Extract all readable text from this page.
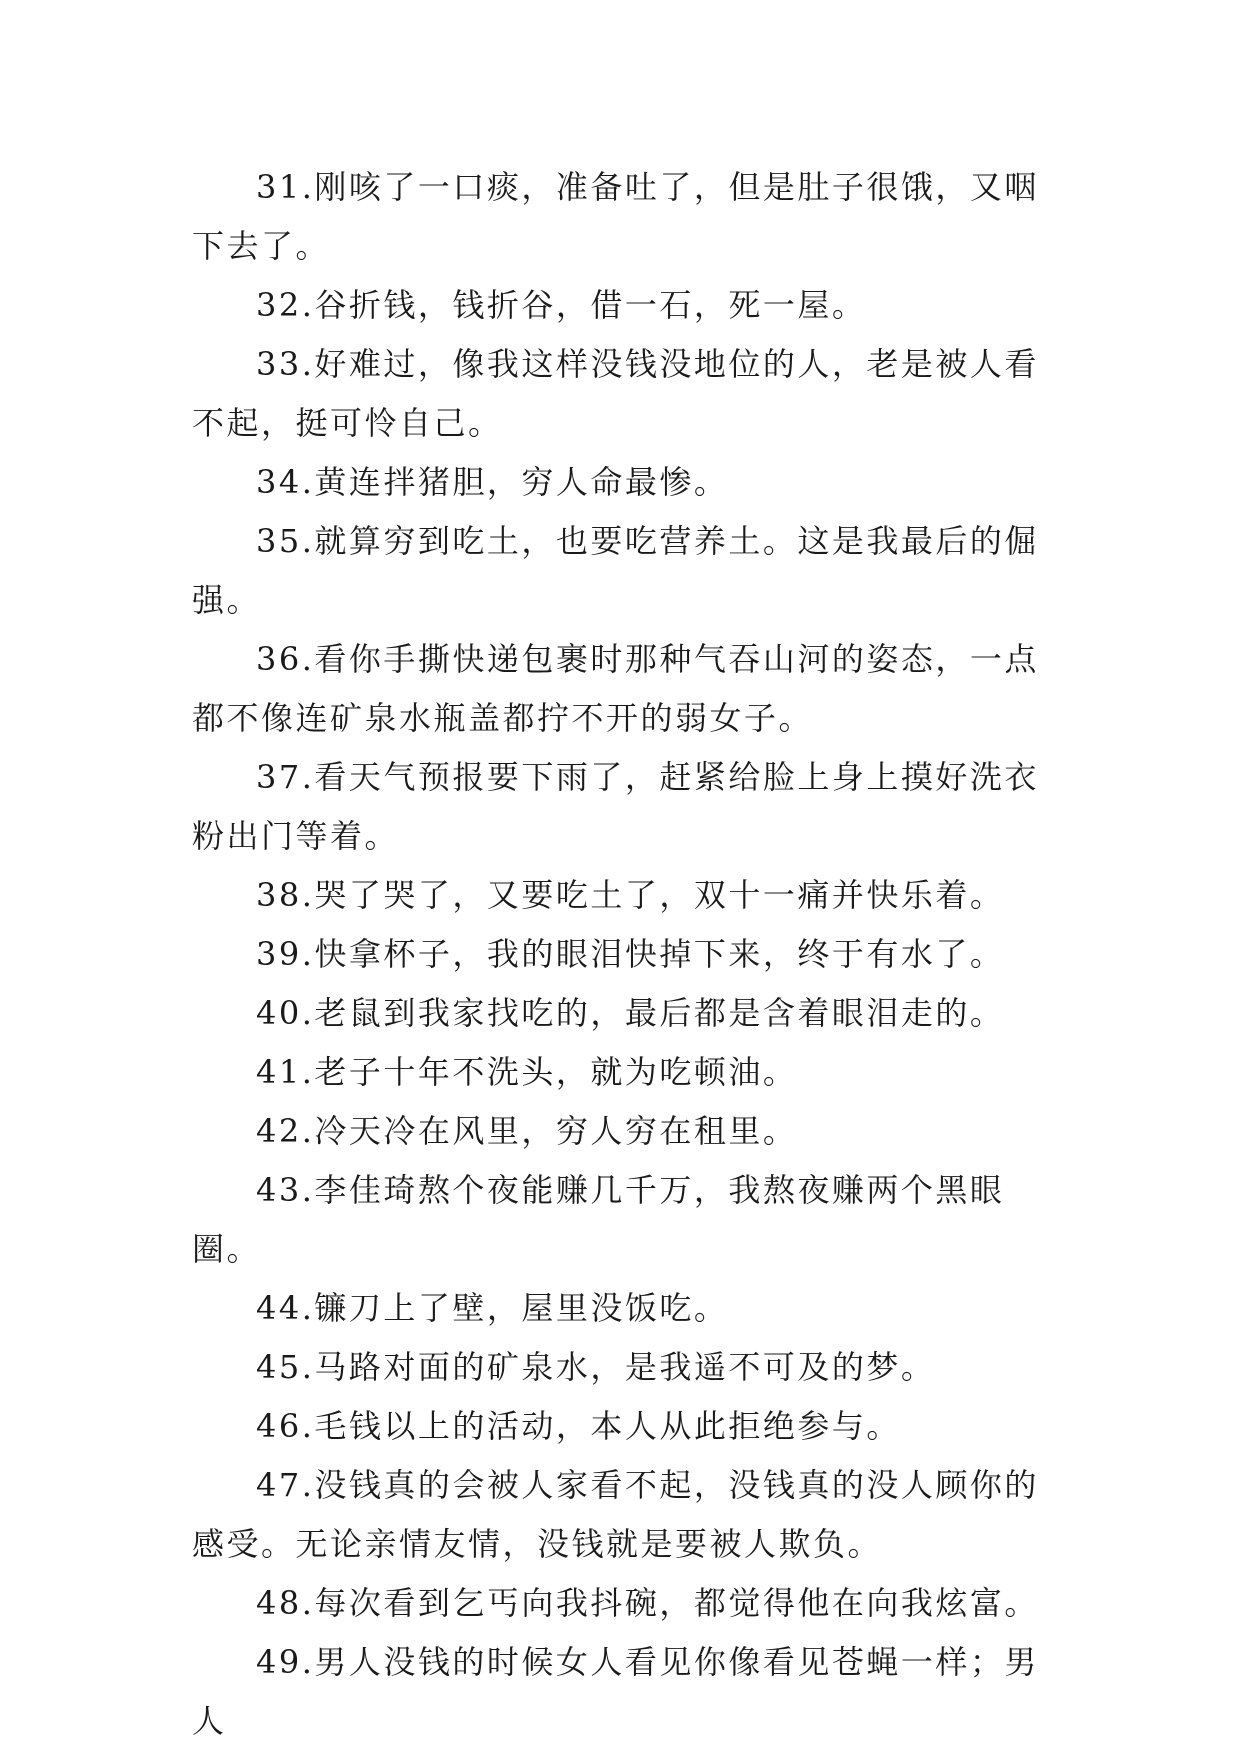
31.刚咳了一口痰，准备吐了，但是肚子很饿，又咽下去了。

32.谷折钱，钱折谷，借一石，死一屋。

33.好难过，像我这样没钱没地位的人，老是被人看不起，挺可怜自己。

34.黄连拌猪胆，穷人命最惨。

35.就算穷到吃土，也要吃营养土。这是我最后的倔强。

36.看你手撕快递包裹时那种气吞山河的姿态，一点都不像连矿泉水瓶盖都拧不开的弱女子。

37.看天气预报要下雨了，赶紧给脸上身上摸好洗衣粉出门等着。

38.哭了哭了，又要吃土了，双十一痛并快乐着。

39.快拿杯子，我的眼泪快掉下来，终于有水了。

40.老鼠到我家找吃的，最后都是含着眼泪走的。

41.老子十年不洗头，就为吃顿油。

42.冷天冷在风里，穷人穷在租里。

43.李佳琦熬个夜能赚几千万，我熬夜赚两个黑眼圈。

44.镰刀上了壁，屋里没饭吃。

45.马路对面的矿泉水，是我遥不可及的梦。

46.毛钱以上的活动，本人从此拒绝参与。

47.没钱真的会被人家看不起，没钱真的没人顾你的感受。无论亲情友情，没钱就是要被人欺负。

48.每次看到乞丐向我抖碗，都觉得他在向我炫富。

49.男人没钱的时候女人看见你像看见苍蝇一样；男人
